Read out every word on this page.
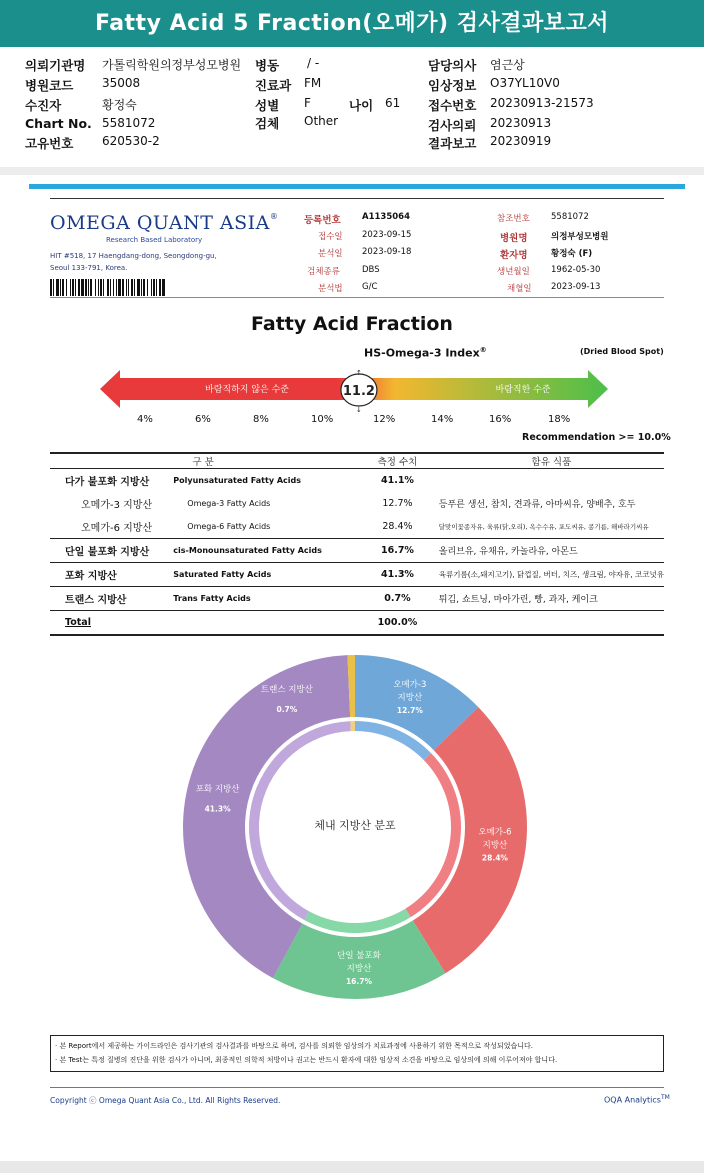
Fatty Acid 5 Fraction(오메가) 검사결과보고서
의뢰기관명 가톨릭학원의정부성모병원
병원코드 35008
수진자	황정숙
Chart No. 5581072
고유번호 620530-2
병동 / -
진료과 FM
성별 F	나이 61
검체 Other
담당의사 염근상
임상정보 O37YL10V0
접수번호 20230913-21573
검사의뢰 20230913
결과보고 20230919
OMEGA QUANT ASIA®
Research Based Laboratory
HIT #518, 17 Haengdang-dong, Seongdong-gu,
Seoul 133-791, Korea.
등록번호	A1135064
접수일 2023-09-15
분석일 2023-09-18
검체종류	DBS
분석법 G/C
참조번호 5581072
병원명	의정부성모병원
환자명	황정숙 (F)
생년월일 1962-05-30
채혈일 2023-09-13
Fatty Acid Fraction
HS-Omega-3 Index®	(Dried Blood Spot)
바람직하지 않은 수준	바람직한 수준
11.2
↑
↓
4%	6%	8%	10%	12%	14%	16%	18%
Recommendation >= 10.0%
구 분		측정 수치	함유 식품
다가 불포화 지방산	Polyunsaturated Fatty Acids	41.1%	
오메가-3 지방산	Omega-3 Fatty Acids	12.7%	등푸른 생선, 참치, 견과류, 아마씨유, 양배추, 호두
오메가-6 지방산	Omega-6 Fatty Acids	28.4%	달맞이꽃종자유, 육류(닭,오리), 옥수수유, 포도씨유, 콩기름, 해바라기씨유
단일 불포화 지방산	cis-Monounsaturated Fatty Acids	16.7%	올리브유, 유채유, 카놀라유, 아몬드
포화 지방산	Saturated Fatty Acids	41.3%	육류기름(소,돼지고기), 닭껍질, 버터, 치즈, 생크림, 야자유, 코코넛유
트랜스 지방산	Trans Fatty Acids	0.7%	튀김, 쇼트닝, 마아가린, 빵, 과자, 케이크
Total		100.0%	
체내 지방산 분포
오메가-3
지방산
12.7%
오메가-6
지방산
28.4%
단일 불포화
지방산
16.7%
포화 지방산
41.3%
트랜스 지방산
0.7%
· 본 Report에서 제공하는 가이드라인은 검사기관의 검사결과를 바탕으로 하며, 검사를 의뢰한 임상의가 치료과정에 사용하기 위한 목적으로 작성되었습니다.
· 본 Test는 특정 질병의 진단을 위한 검사가 아니며, 최종적인 의학적 처방이나 권고는 반드시 환자에 대한 임상적 소견을 바탕으로 임상의에 의해 이루어져야 합니다.
Copyright ⓒ Omega Quant Asia Co., Ltd. All Rights Reserved.	OQA Analytics™
